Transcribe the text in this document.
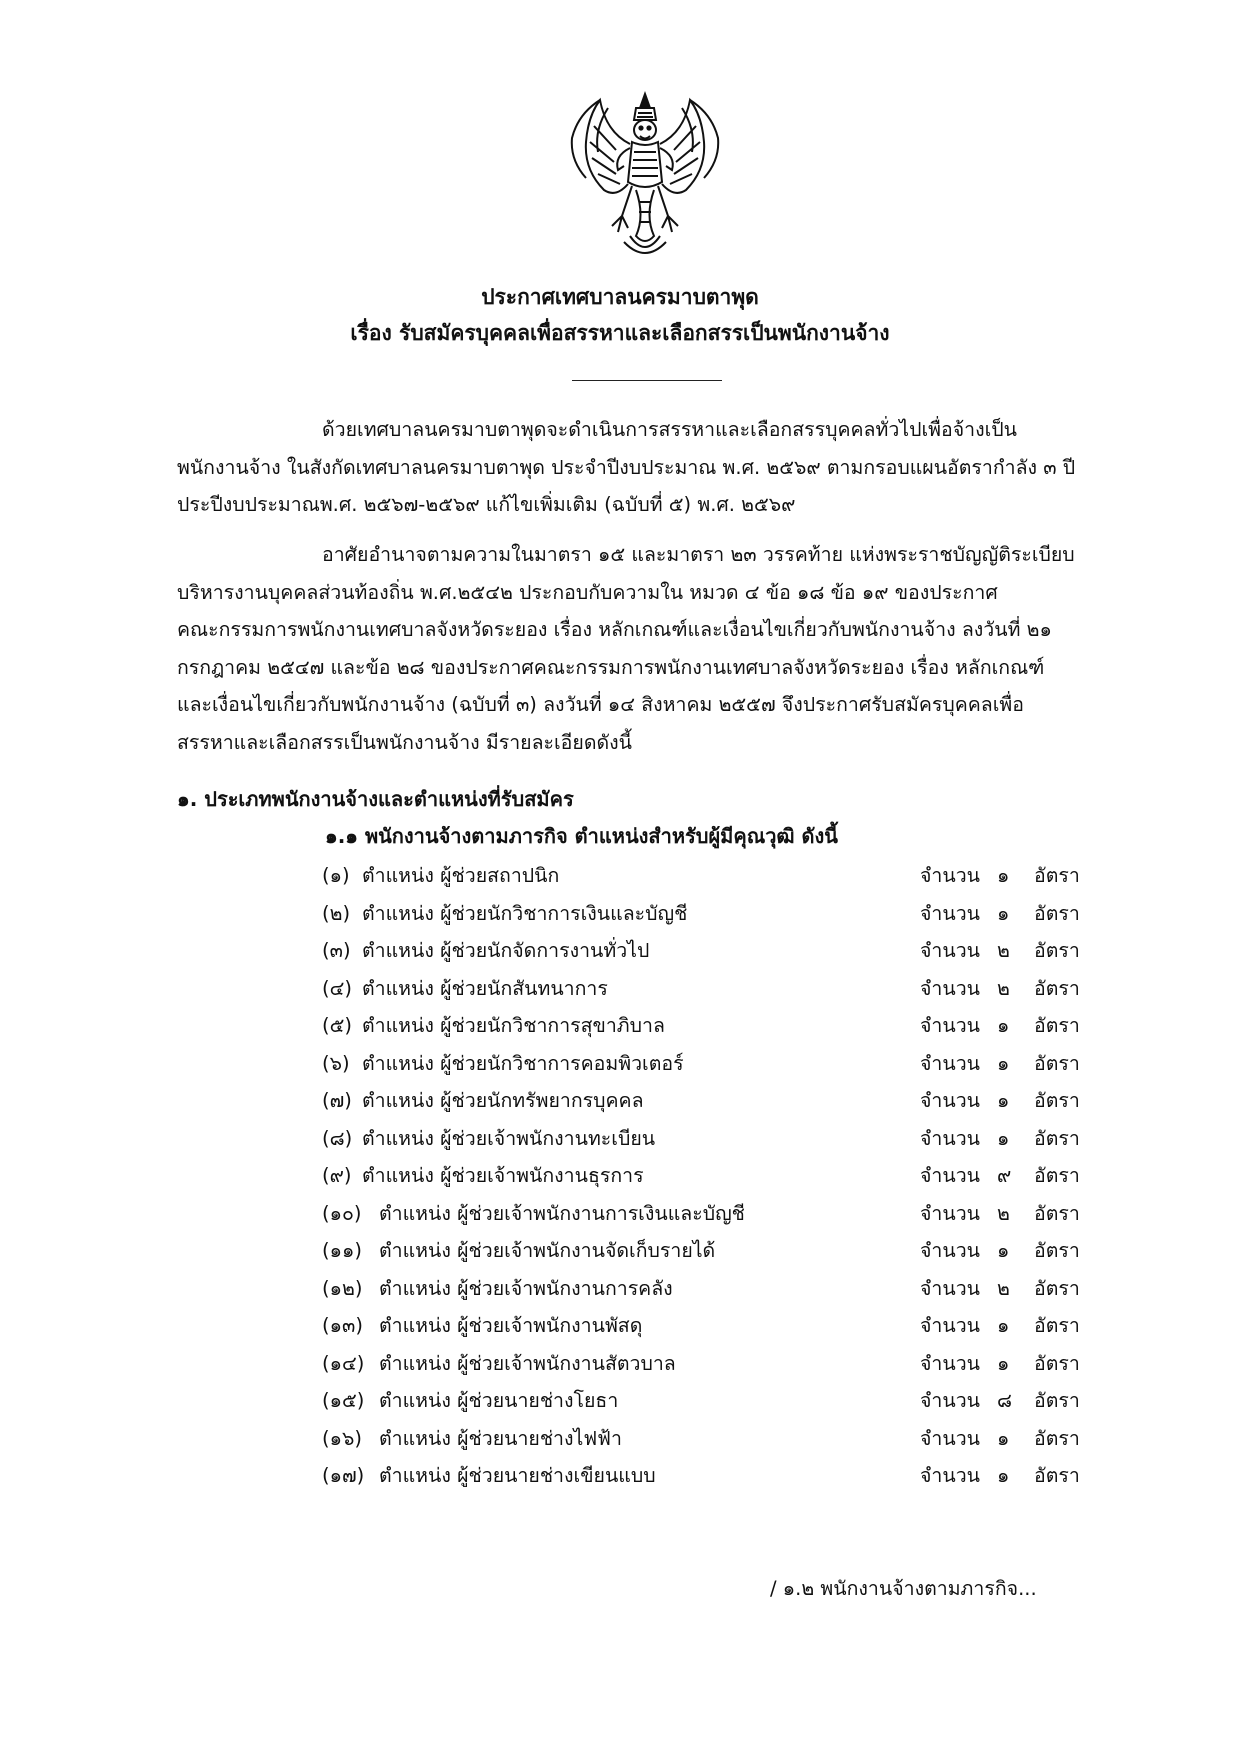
ประกาศเทศบาลนครมาบตาพุด
เรื่อง รับสมัครบุคคลเพื่อสรรหาและเลือกสรรเป็นพนักงานจ้าง
ด้วยเทศบาลนครมาบตาพุดจะดำเนินการสรรหาและเลือกสรรบุคคลทั่วไปเพื่อจ้างเป็น
พนักงานจ้าง ในสังกัดเทศบาลนครมาบตาพุด ประจำปีงบประมาณ พ.ศ. ๒๕๖๙ ตามกรอบแผนอัตรากำลัง ๓ ปี
ประปีงบประมาณพ.ศ. ๒๕๖๗-๒๕๖๙ แก้ไขเพิ่มเติม (ฉบับที่ ๕) พ.ศ. ๒๕๖๙
อาศัยอำนาจตามความในมาตรา ๑๕ และมาตรา ๒๓ วรรคท้าย แห่งพระราชบัญญัติระเบียบ
บริหารงานบุคคลส่วนท้องถิ่น พ.ศ.๒๕๔๒ ประกอบกับความใน หมวด ๔ ข้อ ๑๘ ข้อ ๑๙ ของประกาศ
คณะกรรมการพนักงานเทศบาลจังหวัดระยอง เรื่อง หลักเกณฑ์และเงื่อนไขเกี่ยวกับพนักงานจ้าง ลงวันที่ ๒๑
กรกฎาคม ๒๕๔๗ และข้อ ๒๘ ของประกาศคณะกรรมการพนักงานเทศบาลจังหวัดระยอง เรื่อง หลักเกณฑ์
และเงื่อนไขเกี่ยวกับพนักงานจ้าง (ฉบับที่ ๓) ลงวันที่ ๑๔ สิงหาคม ๒๕๕๗ จึงประกาศรับสมัครบุคคลเพื่อ
สรรหาและเลือกสรรเป็นพนักงานจ้าง มีรายละเอียดดังนี้
๑. ประเภทพนักงานจ้างและตำแหน่งที่รับสมัคร
๑.๑ พนักงานจ้างตามภารกิจ ตำแหน่งสำหรับผู้มีคุณวุฒิ ดังนี้
(๑) ตำแหน่ง ผู้ช่วยสถาปนิก	จำนวน ๑ อัตรา
(๒) ตำแหน่ง ผู้ช่วยนักวิชาการเงินและบัญชี	จำนวน ๑ อัตรา
(๓) ตำแหน่ง ผู้ช่วยนักจัดการงานทั่วไป	จำนวน ๒ อัตรา
(๔) ตำแหน่ง ผู้ช่วยนักสันทนาการ	จำนวน ๒ อัตรา
(๕) ตำแหน่ง ผู้ช่วยนักวิชาการสุขาภิบาล	จำนวน ๑ อัตรา
(๖) ตำแหน่ง ผู้ช่วยนักวิชาการคอมพิวเตอร์	จำนวน ๑ อัตรา
(๗) ตำแหน่ง ผู้ช่วยนักทรัพยากรบุคคล	จำนวน ๑ อัตรา
(๘) ตำแหน่ง ผู้ช่วยเจ้าพนักงานทะเบียน	จำนวน ๑ อัตรา
(๙) ตำแหน่ง ผู้ช่วยเจ้าพนักงานธุรการ	จำนวน ๙ อัตรา
(๑๐) ตำแหน่ง ผู้ช่วยเจ้าพนักงานการเงินและบัญชี	จำนวน ๒ อัตรา
(๑๑) ตำแหน่ง ผู้ช่วยเจ้าพนักงานจัดเก็บรายได้	จำนวน ๑ อัตรา
(๑๒) ตำแหน่ง ผู้ช่วยเจ้าพนักงานการคลัง	จำนวน ๒ อัตรา
(๑๓) ตำแหน่ง ผู้ช่วยเจ้าพนักงานพัสดุ	จำนวน ๑ อัตรา
(๑๔) ตำแหน่ง ผู้ช่วยเจ้าพนักงานสัตวบาล	จำนวน ๑ อัตรา
(๑๕) ตำแหน่ง ผู้ช่วยนายช่างโยธา	จำนวน ๘ อัตรา
(๑๖) ตำแหน่ง ผู้ช่วยนายช่างไฟฟ้า	จำนวน ๑ อัตรา
(๑๗) ตำแหน่ง ผู้ช่วยนายช่างเขียนแบบ	จำนวน ๑ อัตรา
/ ๑.๒ พนักงานจ้างตามภารกิจ...
